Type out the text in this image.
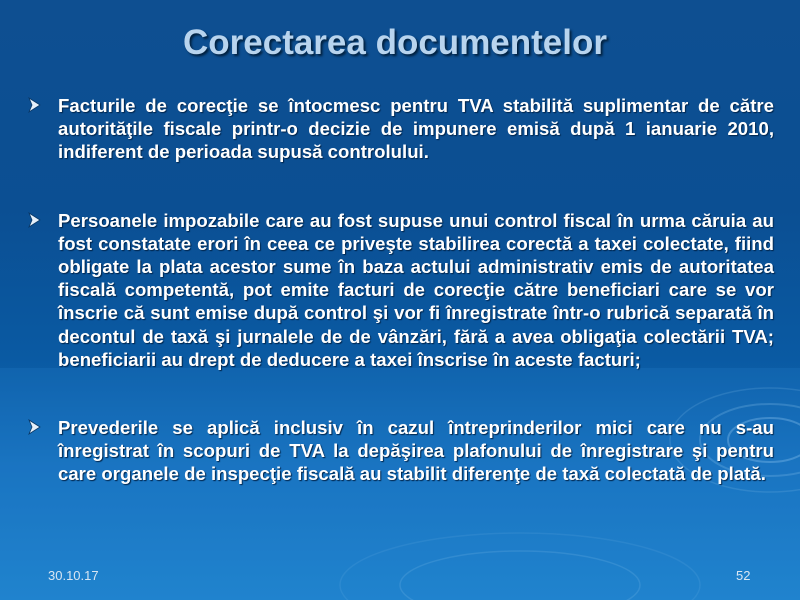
Corectarea documentelor
Facturile de corecţie se întocmesc pentru TVA stabilită suplimentar de către autorităţile fiscale printr-o decizie de impunere emisă după 1 ianuarie 2010, indiferent de perioada supusă controlului.
Persoanele impozabile care au fost supuse unui control fiscal în urma căruia au fost constatate erori în ceea ce priveşte stabilirea corectă a taxei colectate, fiind obligate la plata acestor sume în baza actului administrativ emis de autoritatea fiscală competentă, pot emite facturi de corecţie către beneficiari care se vor înscrie că sunt emise după control şi vor fi înregistrate într-o rubrică separată în decontul de taxă şi jurnalele de de vânzări, fără a avea obligaţia colectării TVA; beneficiarii au drept de deducere a taxei înscrise în aceste facturi;
Prevederile se aplică inclusiv în cazul întreprinderilor mici care nu s-au înregistrat în scopuri de TVA la depăşirea plafonului de înregistrare şi pentru care organele de inspecţie fiscală au stabilit diferenţe de taxă colectată de plată.
30.10.17	52
